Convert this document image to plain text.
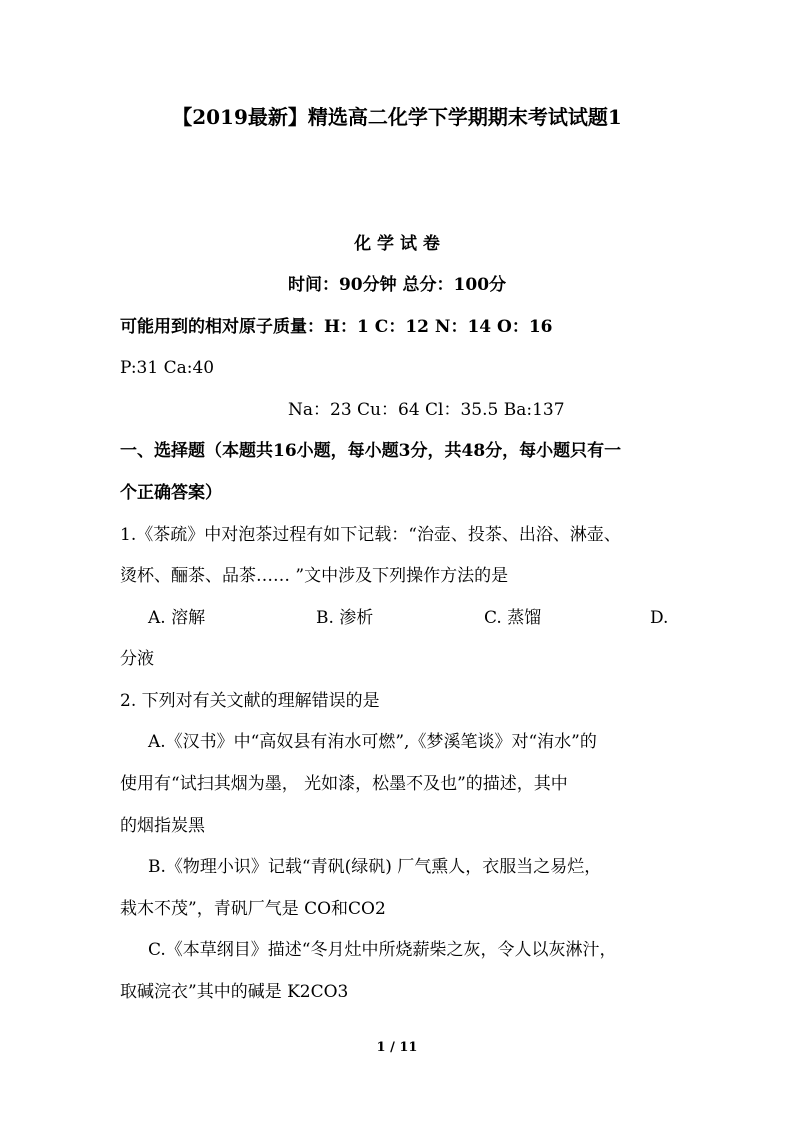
【2019最新】精选高二化学下学期期末考试试题1
化 学 试 卷
时间：90分钟 总分：100分
可能用到的相对原子质量：H：1 C：12 N：14 O：16
P:31 Ca:40
Na：23 Cu：64 Cl：35.5 Ba:137
一、选择题（本题共16小题，每小题3分，共48分，每小题只有一
个正确答案）
1.《茶疏》中对泡茶过程有如下记载：“治壶、投茶、出浴、淋壶、
烫杯、酾茶、品茶…… ”文中涉及下列操作方法的是
A. 溶解	B. 渗析	C. 蒸馏	D.
分液
2. 下列对有关文献的理解错误的是
A.《汉书》中“高奴县有洧水可燃”,《梦溪笔谈》对“洧水”的
使用有“试扫其烟为墨， 光如漆，松墨不及也”的描述，其中
的烟指炭黑
B.《物理小识》记载“青矾(绿矾) 厂气熏人，衣服当之易烂，
栽木不茂”，青矾厂气是 CO和CO2
C.《本草纲目》描述“冬月灶中所烧薪柴之灰，令人以灰淋汁，
取碱浣衣”其中的碱是 K2CO3
1 / 11
